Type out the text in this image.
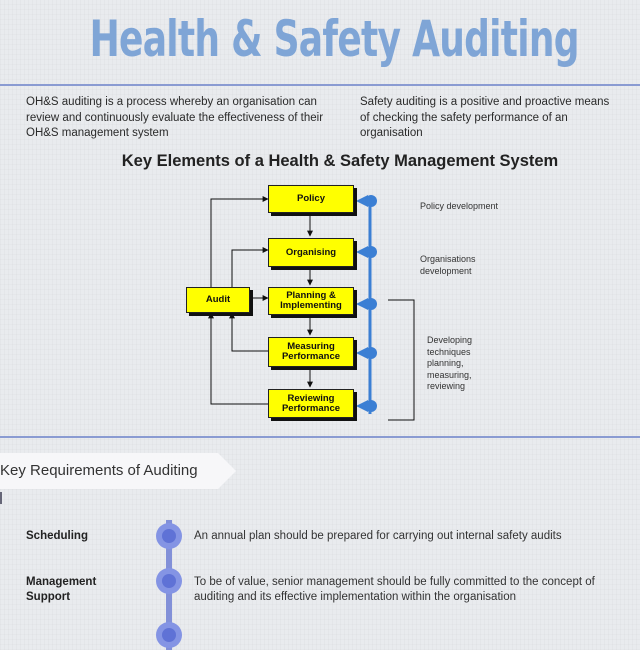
Health & Safety Auditing
OH&S auditing is a process whereby an organisation can review and continuously evaluate the effectiveness of their OH&S management system
Safety auditing is a positive and proactive means of checking the safety performance of an organisation
Key Elements of a Health & Safety Management System
Policy
Organising
Planning & Implementing
Measuring Performance
Reviewing Performance
Audit
Policy development
Organisations development
Developing techniques planning, measuring, reviewing
Key Requirements of Auditing
Scheduling	An annual plan should be prepared for carrying out internal safety audits
Management Support
To be of value, senior management should be fully committed to the concept of auditing and its effective implementation within the organisation
